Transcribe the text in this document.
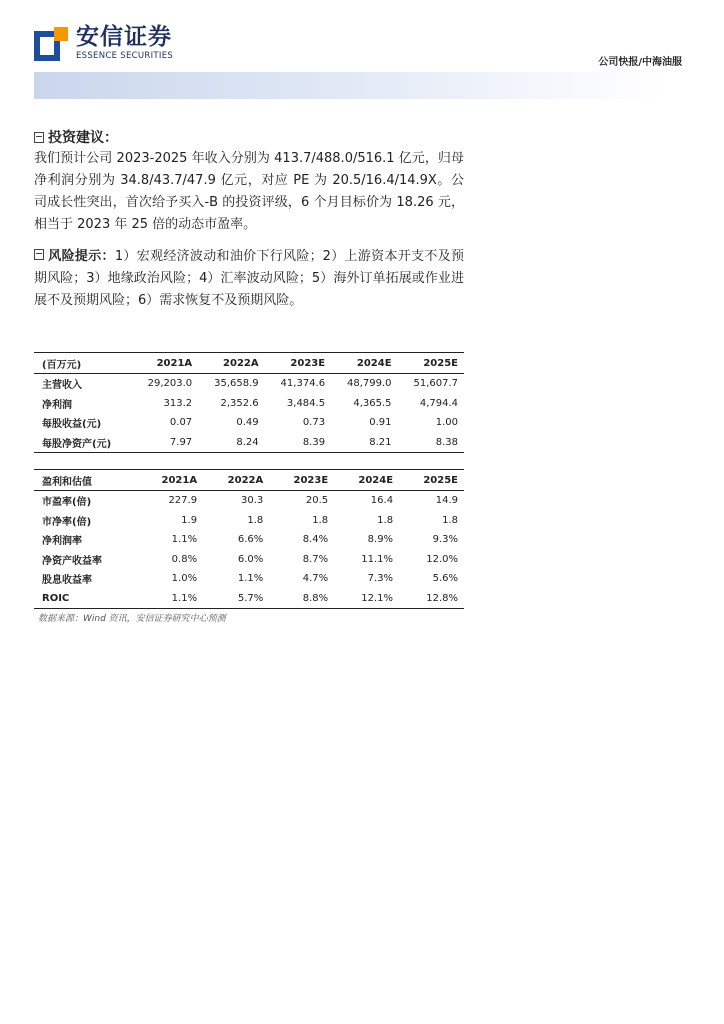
安信证券
ESSENCE SECURITIES
公司快报/中海油服
投资建议：
我们预计公司 2023-2025 年收入分别为 413.7/488.0/516.1 亿元，归母净利润分别为 34.8/43.7/47.9 亿元，对应 PE 为 20.5/16.4/14.9X。公司成长性突出，首次给予买入-B 的投资评级，6 个月目标价为 18.26 元，相当于 2023 年 25 倍的动态市盈率。
风险提示：1）宏观经济波动和油价下行风险；2）上游资本开支不及预期风险；3）地缘政治风险；4）汇率波动风险；5）海外订单拓展或作业进展不及预期风险；6）需求恢复不及预期风险。
(百万元)	2021A	2022A	2023E	2024E	2025E
主营收入	29,203.0	35,658.9	41,374.6	48,799.0	51,607.7
净利润	313.2	2,352.6	3,484.5	4,365.5	4,794.4
每股收益(元)	0.07	0.49	0.73	0.91	1.00
每股净资产(元)	7.97	8.24	8.39	8.21	8.38
盈利和估值	2021A	2022A	2023E	2024E	2025E
市盈率(倍)	227.9	30.3	20.5	16.4	14.9
市净率(倍)	1.9	1.8	1.8	1.8	1.8
净利润率	1.1%	6.6%	8.4%	8.9%	9.3%
净资产收益率	0.8%	6.0%	8.7%	11.1%	12.0%
股息收益率	1.0%	1.1%	4.7%	7.3%	5.6%
ROIC	1.1%	5.7%	8.8%	12.1%	12.8%
数据来源：Wind 资讯，安信证券研究中心预测
